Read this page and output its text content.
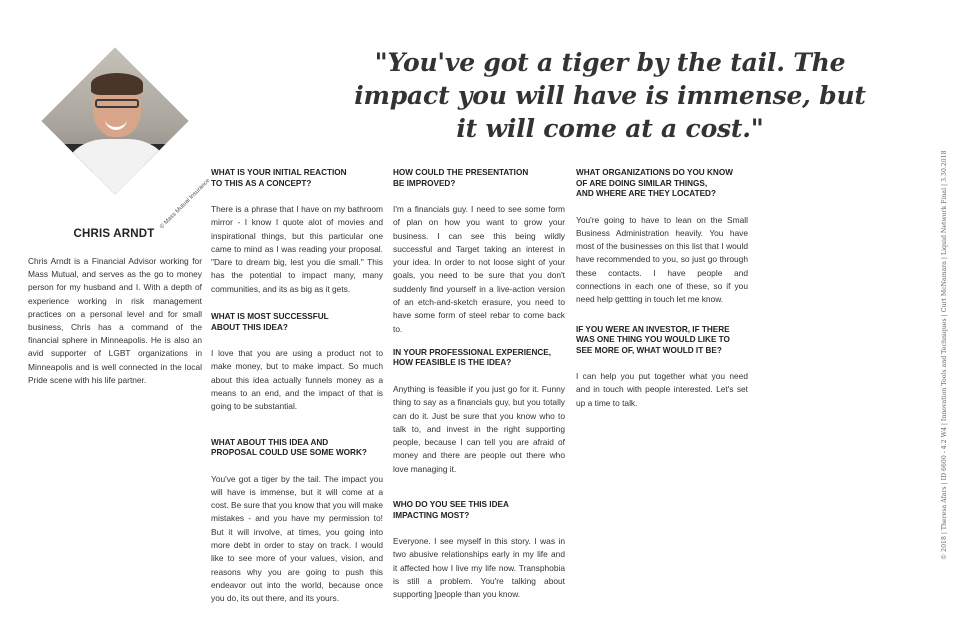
"You've got a tiger by the tail. The impact you will have is immense, but it will come at a cost."
© Mass Mutual Insurance
CHRIS ARNDT
Chris Arndt is a Financial Advisor working for Mass Mutual, and serves as the go to money person for my husband and I. With a depth of experience working in risk management practices on a personal level and for small business, Chris has a command of the financial sphere in Minneapolis. He is also an avid supporter of LGBT organizations in Minneapolis and is well connected in the local Pride scene with his life partner.
WHAT IS YOUR INITIAL REACTION
TO THIS AS A CONCEPT?
There is a phrase that I have on my bathroom mirror - I know I quote alot of movies and inspirational things, but this particular one came to mind as I was reading your proposal. "Dare to dream big, lest you die small." This has the potential to impact many, many communities, and its as big as it gets.
WHAT IS MOST SUCCESSFUL
ABOUT THIS IDEA?
I love that you are using a product not to make money, but to make impact. So much about this idea actually funnels money as a means to an end, and the impact of that is going to be substantial.
WHAT ABOUT THIS IDEA AND
PROPOSAL COULD USE SOME WORK?
You've got a tiger by the tail. The impact you will have is immense, but it will come at a cost. Be sure that you know that you will make mistakes - and you have my permission to! But it will involve, at times, you going into more debt in order to stay on track. I would like to see more of your values, vision, and reasons why you are going to push this endeavor out into the world, because once you do, its out there, and its yours.
HOW COULD THE PRESENTATION
BE IMPROVED?
I'm a financials guy. I need to see some form of plan on how you want to grow your business. I can see this being wildly successful and Target taking an interest in your idea. In order to not loose sight of your goals, you need to be sure that you don't suddenly find yourself in a live-action version of an etch-and-sketch erasure, you need to have some form of steel rebar to come back to.
IN YOUR PROFESSIONAL EXPERIENCE,
HOW FEASIBLE IS THE IDEA?
Anything is feasible if you just go for it. Funny thing to say as a financials guy, but you totally can do it. Just be sure that you know who to talk to, and invest in the right supporting people, because I can tell you are afraid of money and there are people out there who love managing it.
WHO DO YOU SEE THIS IDEA
IMPACTING MOST?
Everyone. I see myself in this story. I was in two abusive relationships early in my life and it affected how I live my life now. Transphobia is still a problem. You're talking about supporting ]people than you know.
WHAT ORGANIZATIONS DO YOU KNOW
OF ARE DOING SIMILAR THINGS,
AND WHERE ARE THEY LOCATED?
You're going to have to lean on the Small Business Administration heavily. You have most of the businesses on this list that I would have recommended to you, so just go through these contacts. I have people and connections in each one of these, so if you need help gettting in touch let me know.
IF YOU WERE AN INVESTOR, IF THERE
WAS ONE THING YOU WOULD LIKE TO
SEE MORE OF, WHAT WOULD IT BE?
I can help you put together what you need and in touch with people interested. Let's set up a time to talk.	© 2018 | Theresa Afars | ID 6600 - 4.2 W4 | Innovation Tools and Techniques | Curt McNamara | Liquid Network Final | 3.30.2018
